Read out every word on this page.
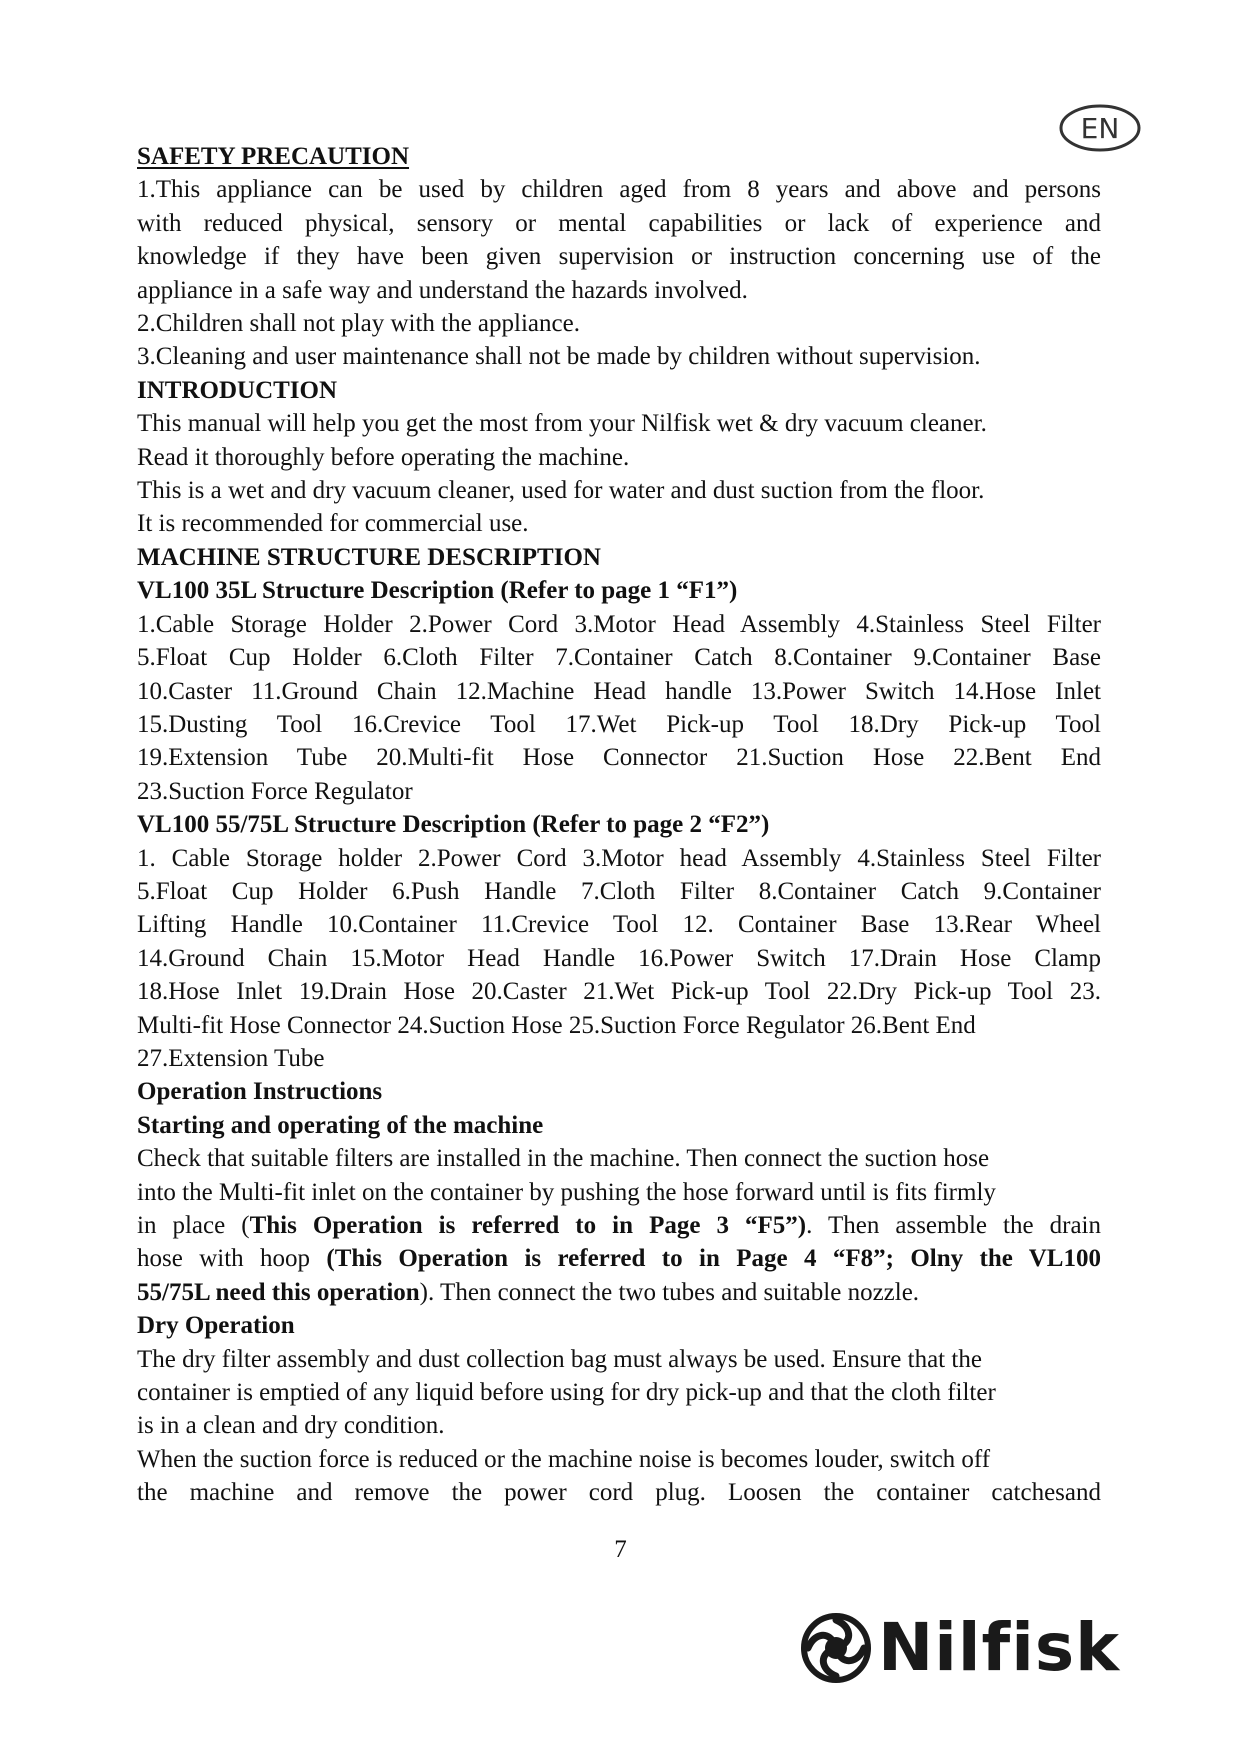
EN

SAFETY PRECAUTION

1.This appliance can be used by children aged from 8 years and above and persons

with reduced physical, sensory or mental capabilities or lack of experience and

knowledge if they have been given supervision or instruction concerning use of the

appliance in a safe way and understand the hazards involved.

2.Children shall not play with the appliance.

3.Cleaning and user maintenance shall not be made by children without supervision.

INTRODUCTION

This manual will help you get the most from your Nilfisk wet & dry vacuum cleaner.

Read it thoroughly before operating the machine.

This is a wet and dry vacuum cleaner, used for water and dust suction from the floor.

It is recommended for commercial use.

MACHINE STRUCTURE DESCRIPTION

VL100 35L Structure Description (Refer to page 1 “F1”)

1.Cable Storage Holder 2.Power Cord 3.Motor Head Assembly 4.Stainless Steel Filter

5.Float Cup Holder 6.Cloth Filter 7.Container Catch 8.Container 9.Container Base

10.Caster 11.Ground Chain 12.Machine Head handle 13.Power Switch 14.Hose Inlet

15.Dusting Tool 16.Crevice Tool 17.Wet Pick-up Tool 18.Dry Pick-up Tool

19.Extension Tube 20.Multi-fit Hose Connector 21.Suction Hose 22.Bent End

23.Suction Force Regulator

VL100 55/75L Structure Description (Refer to page 2 “F2”)

1. Cable Storage holder 2.Power Cord 3.Motor head Assembly 4.Stainless Steel Filter

5.Float Cup Holder 6.Push Handle 7.Cloth Filter 8.Container Catch 9.Container

Lifting Handle 10.Container 11.Crevice Tool 12. Container Base 13.Rear Wheel

14.Ground Chain 15.Motor Head Handle 16.Power Switch 17.Drain Hose Clamp

18.Hose Inlet 19.Drain Hose 20.Caster 21.Wet Pick-up Tool 22.Dry Pick-up Tool 23.

Multi-fit Hose Connector 24.Suction Hose 25.Suction Force Regulator 26.Bent End

27.Extension Tube

Operation Instructions

Starting and operating of the machine

Check that suitable filters are installed in the machine. Then connect the suction hose

into the Multi-fit inlet on the container by pushing the hose forward until is fits firmly

in place (This Operation is referred to in Page 3 “F5”). Then assemble the drain

hose with hoop (This Operation is referred to in Page 4 “F8”; Olny the VL100

55/75L need this operation). Then connect the two tubes and suitable nozzle.

Dry Operation

The dry filter assembly and dust collection bag must always be used. Ensure that the

container is emptied of any liquid before using for dry pick-up and that the cloth filter

is in a clean and dry condition.

When the suction force is reduced or the machine noise is becomes louder, switch off

the machine and remove the power cord plug. Loosen the container catchesand

7
Nilfisk
